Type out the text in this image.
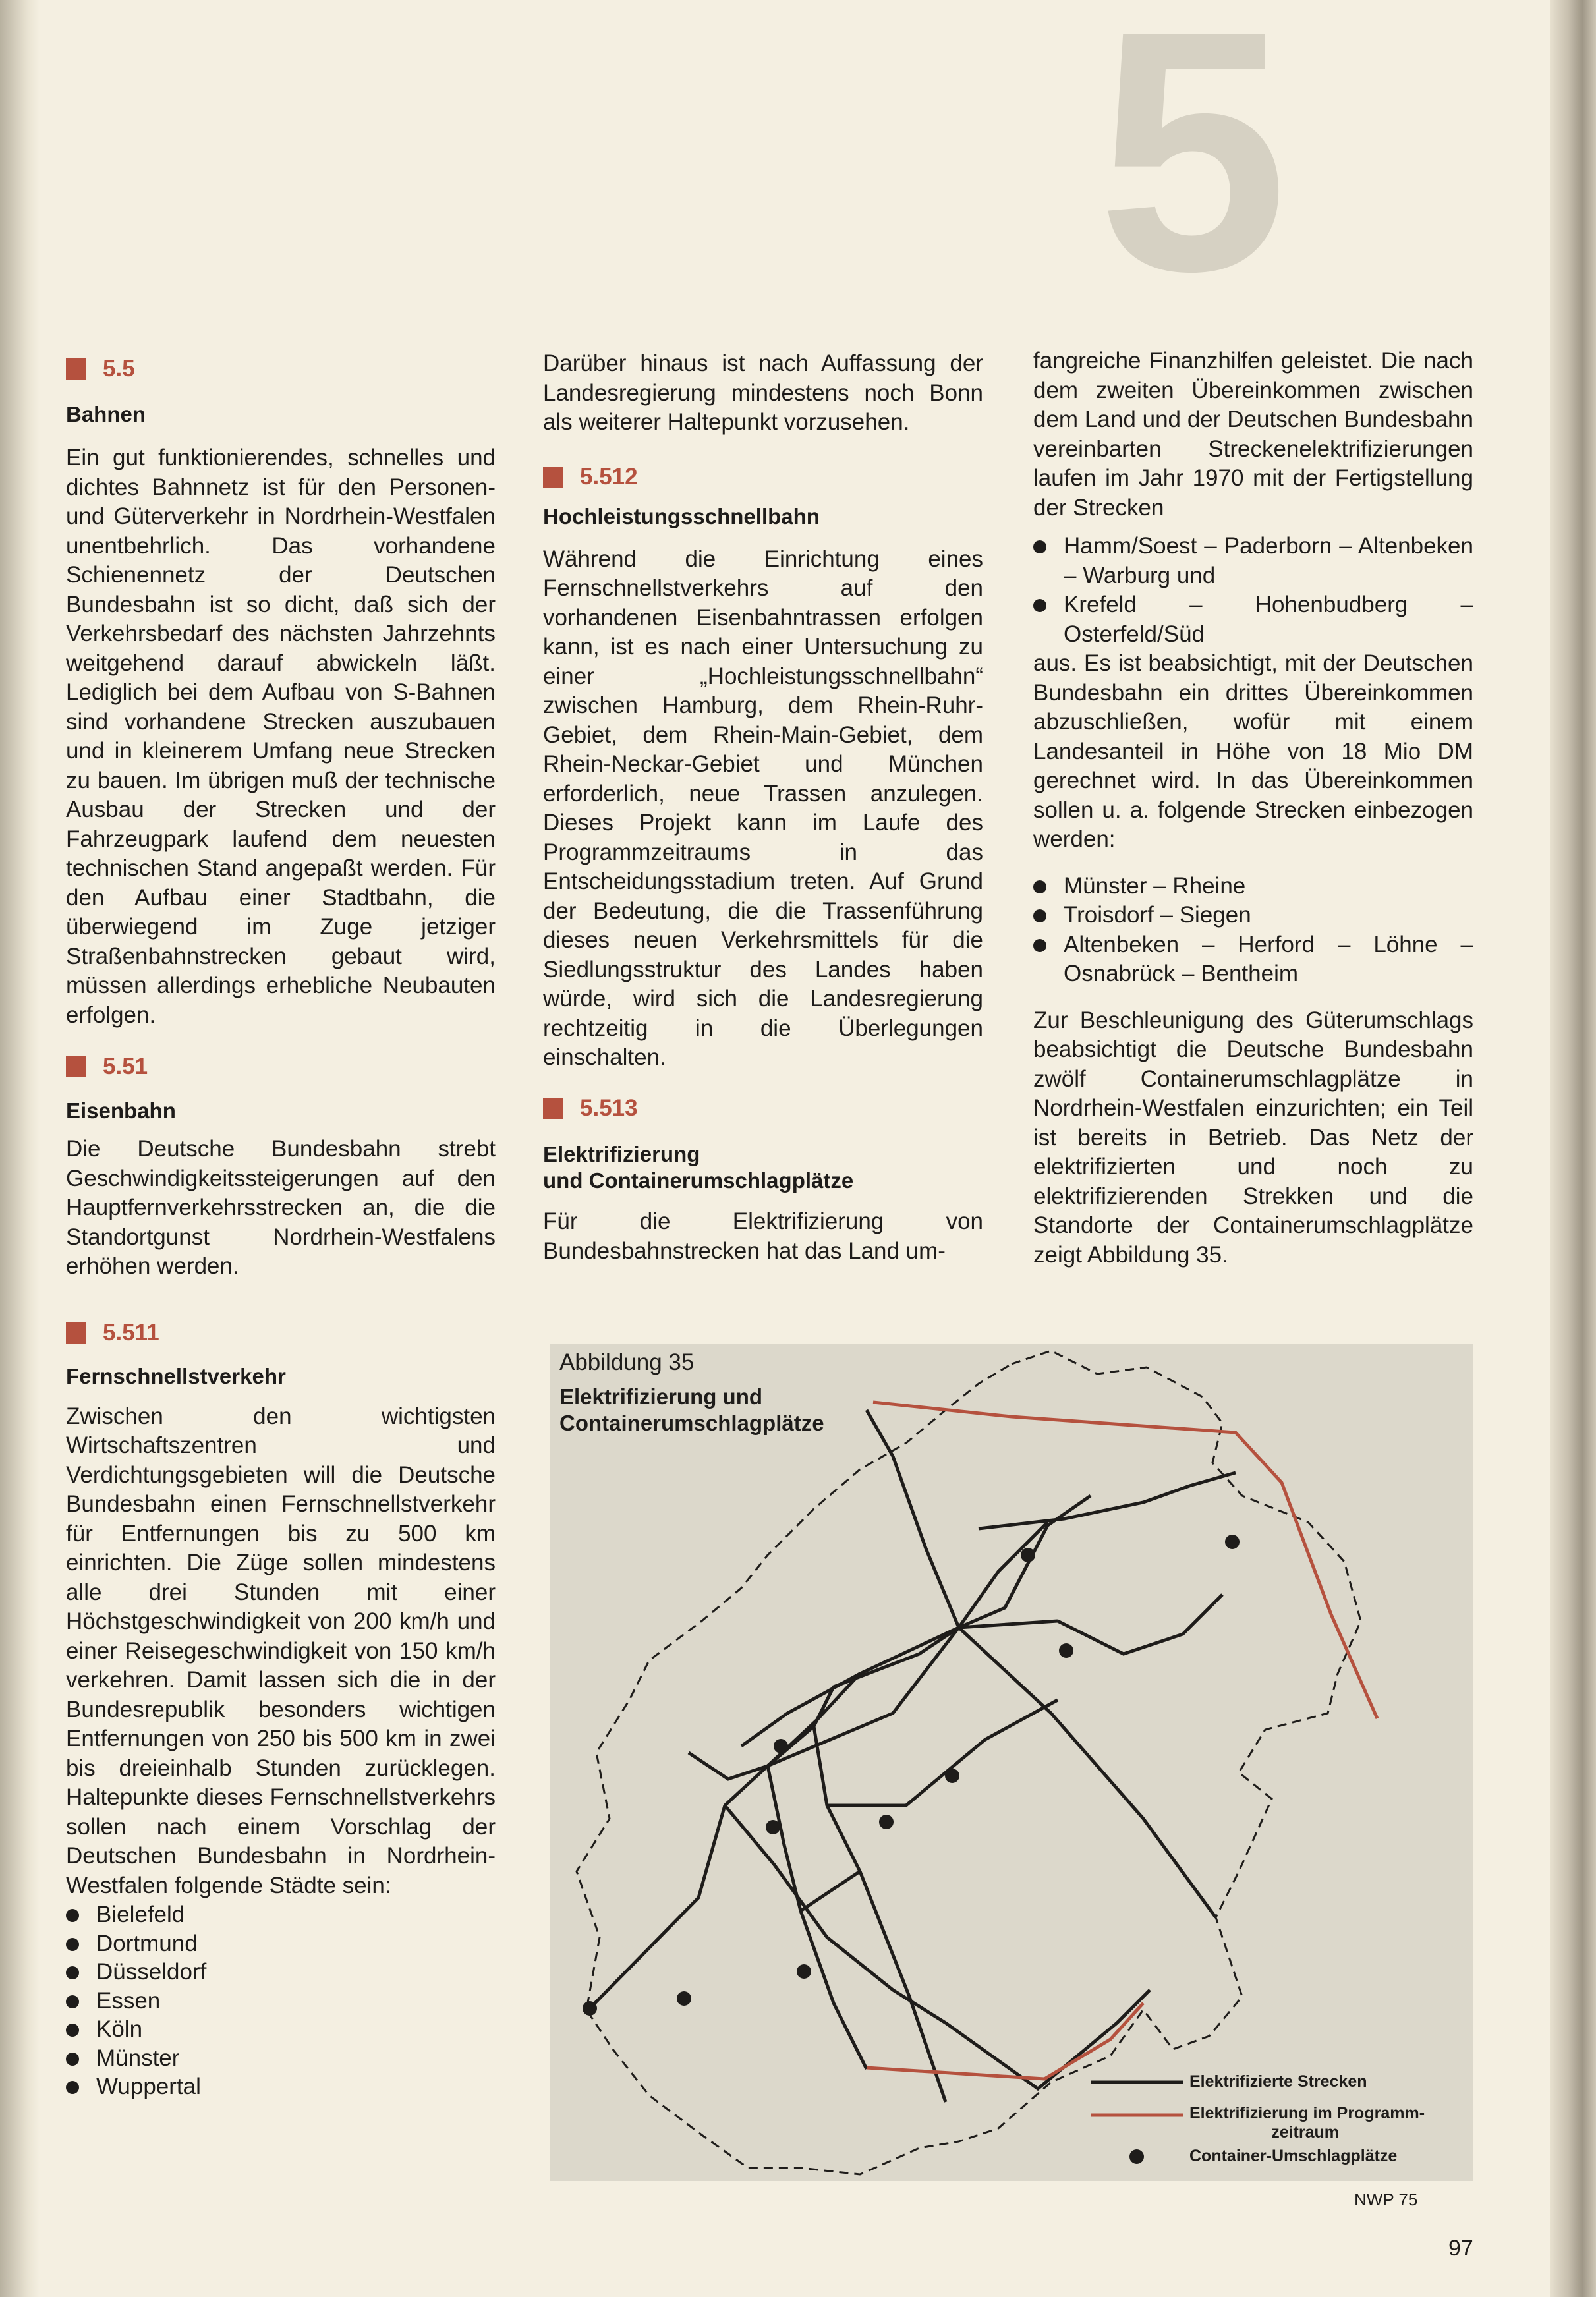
5
5.5

Bahnen

Ein gut funktionierendes, schnelles und dichtes Bahnnetz ist für den Personen- und Güterverkehr in Nordrhein-Westfalen unentbehrlich. Das vorhandene Schienennetz der Deutschen Bundesbahn ist so dicht, daß sich der Verkehrsbedarf des nächsten Jahrzehnts weitgehend darauf abwickeln läßt. Lediglich bei dem Aufbau von S-Bahnen sind vorhandene Strecken auszubauen und in kleinerem Umfang neue Strecken zu bauen. Im übrigen muß der technische Ausbau der Strecken und der Fahrzeugpark laufend dem neuesten technischen Stand angepaßt werden. Für den Aufbau einer Stadtbahn, die überwiegend im Zuge jetziger Straßenbahnstrecken gebaut wird, müssen allerdings erhebliche Neubauten erfolgen.

5.51

Eisenbahn

Die Deutsche Bundesbahn strebt Geschwindigkeitssteigerungen auf den Hauptfernverkehrsstrecken an, die die Standortgunst Nordrhein-Westfalens erhöhen werden.

5.511

Fernschnellstverkehr

Zwischen den wichtigsten Wirtschaftszentren und Verdichtungsgebieten will die Deutsche Bundesbahn einen Fernschnellstverkehr für Entfernungen bis zu 500 km einrichten. Die Züge sollen mindestens alle drei Stunden mit einer Höchstgeschwindigkeit von 200 km/h und einer Reisegeschwindigkeit von 150 km/h verkehren. Damit lassen sich die in der Bundesrepublik besonders wichtigen Entfernungen von 250 bis 500 km in zwei bis dreieinhalb Stunden zurücklegen. Haltepunkte dieses Fernschnellstverkehrs sollen nach einem Vorschlag der Deutschen Bundesbahn in Nordrhein-Westfalen folgende Städte sein:

Bielefeld

Dortmund

Düsseldorf

Essen

Köln

Münster

Wuppertal

Darüber hinaus ist nach Auffassung der Landesregierung mindestens noch Bonn als weiterer Haltepunkt vorzusehen.

5.512

Hochleistungsschnellbahn

Während die Einrichtung eines Fernschnellstverkehrs auf den vorhandenen Eisenbahntrassen erfolgen kann, ist es nach einer Untersuchung zu einer „Hochleistungsschnellbahn“ zwischen Hamburg, dem Rhein-Ruhr-Gebiet, dem Rhein-Main-Gebiet, dem Rhein-Neckar-Gebiet und München erforderlich, neue Trassen anzulegen. Dieses Projekt kann im Laufe des Programmzeitraums in das Entscheidungsstadium treten. Auf Grund der Bedeutung, die die Trassenführung dieses neuen Verkehrsmittels für die Siedlungsstruktur des Landes haben würde, wird sich die Landesregierung rechtzeitig in die Überlegungen einschalten.

5.513

Elektrifizierung
und Containerumschlagplätze

Für die Elektrifizierung von Bundesbahnstrecken hat das Land um-

fangreiche Finanzhilfen geleistet. Die nach dem zweiten Übereinkommen zwischen dem Land und der Deutschen Bundesbahn vereinbarten Streckenelektrifizierungen laufen im Jahr 1970 mit der Fertigstellung der Strecken

Hamm/Soest – Paderborn – Altenbeken – Warburg und

Krefeld – Hohenbudberg – Osterfeld/Süd

aus. Es ist beabsichtigt, mit der Deutschen Bundesbahn ein drittes Übereinkommen abzuschließen, wofür mit einem Landesanteil in Höhe von 18 Mio DM gerechnet wird. In das Übereinkommen sollen u. a. folgende Strecken einbezogen werden:

Münster – Rheine

Troisdorf – Siegen

Altenbeken – Herford – Löhne – Osnabrück – Bentheim

Zur Beschleunigung des Güterumschlags beabsichtigt die Deutsche Bundesbahn zwölf Containerumschlagplätze in Nordrhein-Westfalen einzurichten; ein Teil ist bereits in Betrieb. Das Netz der elektrifizierten und noch zu elektrifizierenden Strekken und die Standorte der Containerumschlagplätze zeigt Abbildung 35.

Abbildung 35
Elektrifizierung und
Containerumschlagplätze
Elektrifizierte Strecken
Elektrifizierung im Programm-
zeitraum
Container-Umschlagplätze
NWP 75
97
